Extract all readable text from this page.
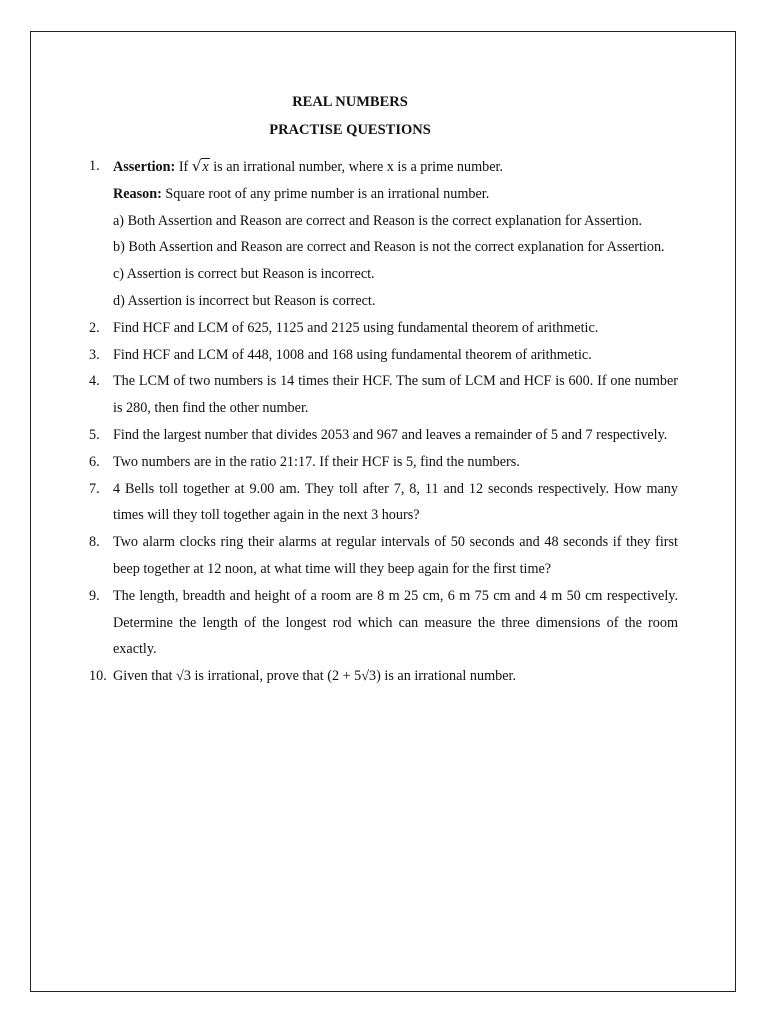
REAL NUMBERS
PRACTISE QUESTIONS
1. Assertion: If √x is an irrational number, where x is a prime number.
Reason: Square root of any prime number is an irrational number.
a) Both Assertion and Reason are correct and Reason is the correct explanation for Assertion.
b) Both Assertion and Reason are correct and Reason is not the correct explanation for Assertion.
c) Assertion is correct but Reason is incorrect.
d) Assertion is incorrect but Reason is correct.
2. Find HCF and LCM of 625, 1125 and 2125 using fundamental theorem of arithmetic.
3. Find HCF and LCM of 448, 1008 and 168 using fundamental theorem of arithmetic.
4. The LCM of two numbers is 14 times their HCF. The sum of LCM and HCF is 600. If one number is 280, then find the other number.
5. Find the largest number that divides 2053 and 967 and leaves a remainder of 5 and 7 respectively.
6. Two numbers are in the ratio 21:17. If their HCF is 5, find the numbers.
7. 4 Bells toll together at 9.00 am. They toll after 7, 8, 11 and 12 seconds respectively. How many times will they toll together again in the next 3 hours?
8. Two alarm clocks ring their alarms at regular intervals of 50 seconds and 48 seconds if they first beep together at 12 noon, at what time will they beep again for the first time?
9. The length, breadth and height of a room are 8 m 25 cm, 6 m 75 cm and 4 m 50 cm respectively. Determine the length of the longest rod which can measure the three dimensions of the room exactly.
10. Given that √3 is irrational, prove that (2 + 5√3) is an irrational number.
